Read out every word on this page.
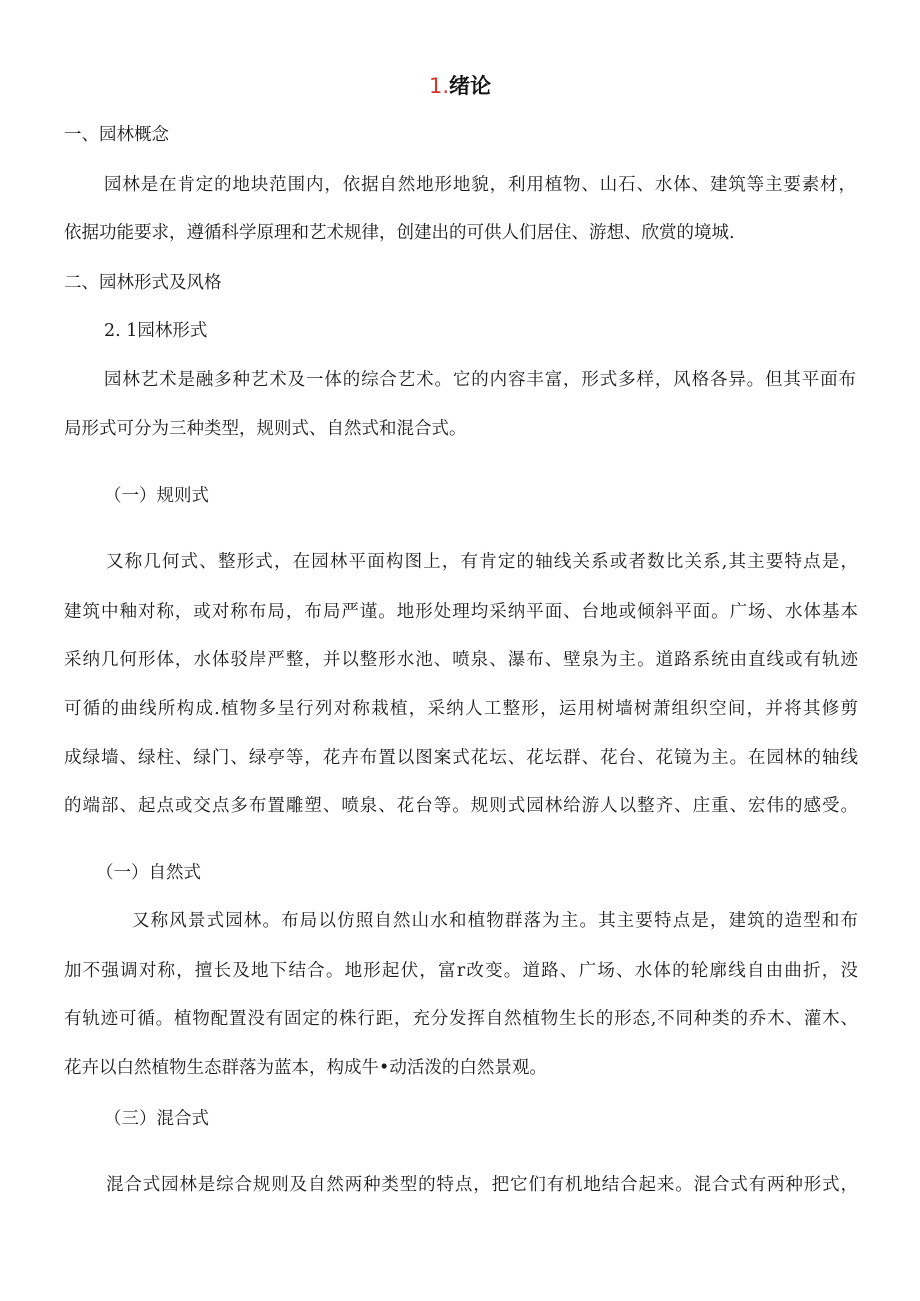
1.绪论
一、园林概念
园林是在肯定的地块范围内，依据自然地形地貌，利用植物、山石、水体、建筑等主要素材，
依据功能要求，遵循科学原理和艺术规律，创建出的可供人们居住、游想、欣赏的境城.
二、园林形式及风格
2. 1园林形式
园林艺术是融多种艺术及一体的综合艺术。它的内容丰富，形式多样，风格各异。但其平面布
局形式可分为三种类型，规则式、自然式和混合式。
（一）规则式
又称几何式、整形式，在园林平面构图上，有肯定的轴线关系或者数比关系,其主要特点是，
建筑中釉对称，或对称布局，布局严谨。地形处理均采纳平面、台地或倾斜平面。广场、水体基本
采纳几何形体，水体驳岸严整，并以整形水池、喷泉、瀑布、壁泉为主。道路系统由直线或有轨迹
可循的曲线所构成.植物多呈行列对称栽植，采纳人工整形，运用树墙树萧组织空间，并将其修剪
成绿墙、绿柱、绿门、绿亭等，花卉布置以图案式花坛、花坛群、花台、花镜为主。在园林的轴线
的端部、起点或交点多布置雕塑、喷泉、花台等。规则式园林给游人以整齐、庄重、宏伟的感受。
（一）自然式
又称风景式园林。布局以仿照自然山水和植物群落为主。其主要特点是，建筑的造型和布
加不强调对称，擅长及地下结合。地形起伏，富r改变。道路、广场、水体的轮廓线自由曲折，没
有轨迹可循。植物配置没有固定的株行距，充分发挥自然植物生长的形态,不同种类的乔木、灌木、
花卉以白然植物生态群落为蓝本，构成牛•动活泼的白然景观。
（三）混合式
混合式园林是综合规则及自然两种类型的特点，把它们有机地结合起来。混合式有两种形式，
